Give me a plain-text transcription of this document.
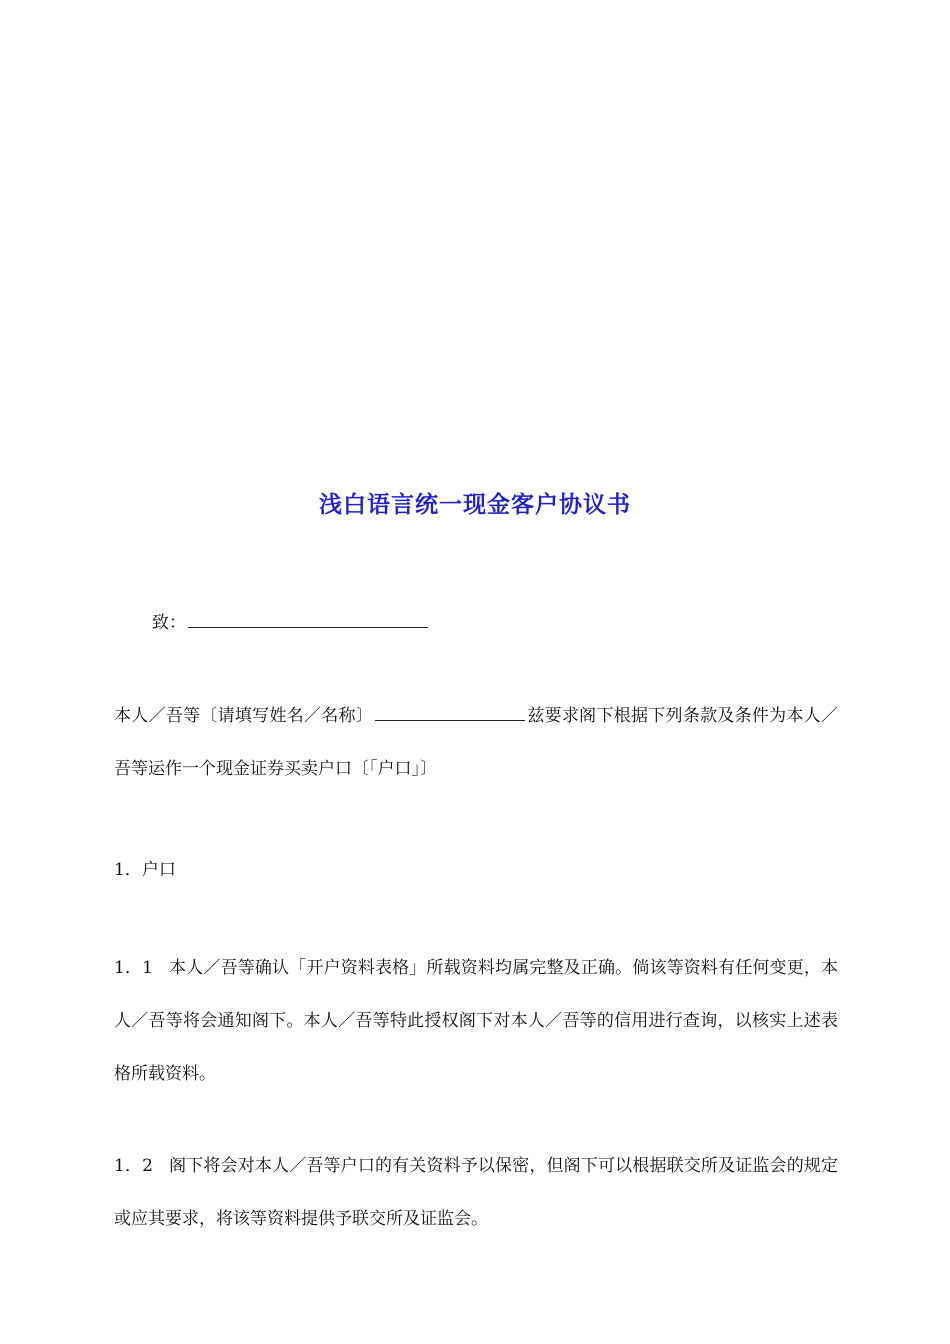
浅白语言统一现金客户协议书
致：
本人／吾等〔请填写姓名／名称〕	兹要求阁下根据下列条款及条件为本人／吾等运作一个现金证券买卖户口〔「户口」〕
1．户口
1．1 本人／吾等确认「开户资料表格」所载资料均属完整及正确。倘该等资料有任何变更，本人／吾等将会通知阁下。本人／吾等特此授权阁下对本人／吾等的信用进行查询，以核实上述表格所载资料。
1．2 阁下将会对本人／吾等户口的有关资料予以保密，但阁下可以根据联交所及证监会的规定或应其要求，将该等资料提供予联交所及证监会。
